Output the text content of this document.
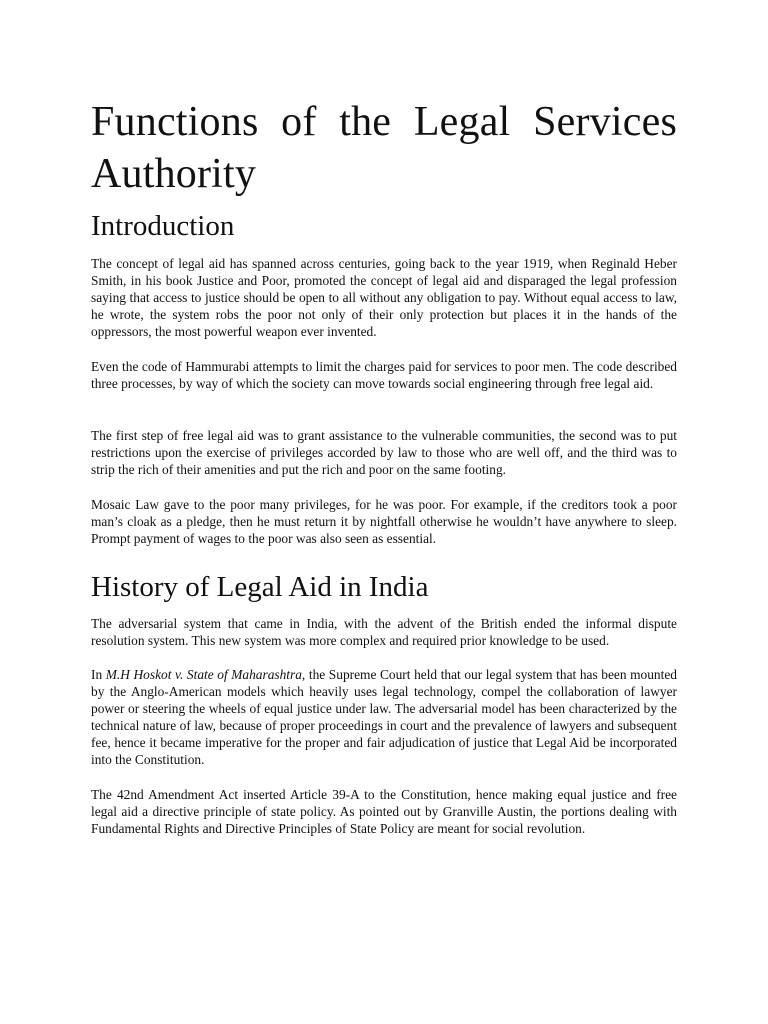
Functions of the Legal Services Authority
Introduction

The concept of legal aid has spanned across centuries, going back to the year 1919, when Reginald Heber Smith, in his book Justice and Poor, promoted the concept of legal aid and disparaged the legal profession saying that access to justice should be open to all without any obligation to pay. Without equal access to law, he wrote, the system robs the poor not only of their only protection but places it in the hands of the oppressors, the most powerful weapon ever invented.

Even the code of Hammurabi attempts to limit the charges paid for services to poor men. The code described three processes, by way of which the society can move towards social engineering through free legal aid.

The first step of free legal aid was to grant assistance to the vulnerable communities, the second was to put restrictions upon the exercise of privileges accorded by law to those who are well off, and the third was to strip the rich of their amenities and put the rich and poor on the same footing.

Mosaic Law gave to the poor many privileges, for he was poor. For example, if the creditors took a poor man’s cloak as a pledge, then he must return it by nightfall otherwise he wouldn’t have anywhere to sleep. Prompt payment of wages to the poor was also seen as essential.

History of Legal Aid in India

The adversarial system that came in India, with the advent of the British ended the informal dispute resolution system. This new system was more complex and required prior knowledge to be used.

In M.H Hoskot v. State of Maharashtra, the Supreme Court held that our legal system that has been mounted by the Anglo-American models which heavily uses legal technology, compel the collaboration of lawyer power or steering the wheels of equal justice under law. The adversarial model has been characterized by the technical nature of law, because of proper proceedings in court and the prevalence of lawyers and subsequent fee, hence it became imperative for the proper and fair adjudication of justice that Legal Aid be incorporated into the Constitution.

The 42nd Amendment Act inserted Article 39-A to the Constitution, hence making equal justice and free legal aid a directive principle of state policy. As pointed out by Granville Austin, the portions dealing with Fundamental Rights and Directive Principles of State Policy are meant for social revolution.
